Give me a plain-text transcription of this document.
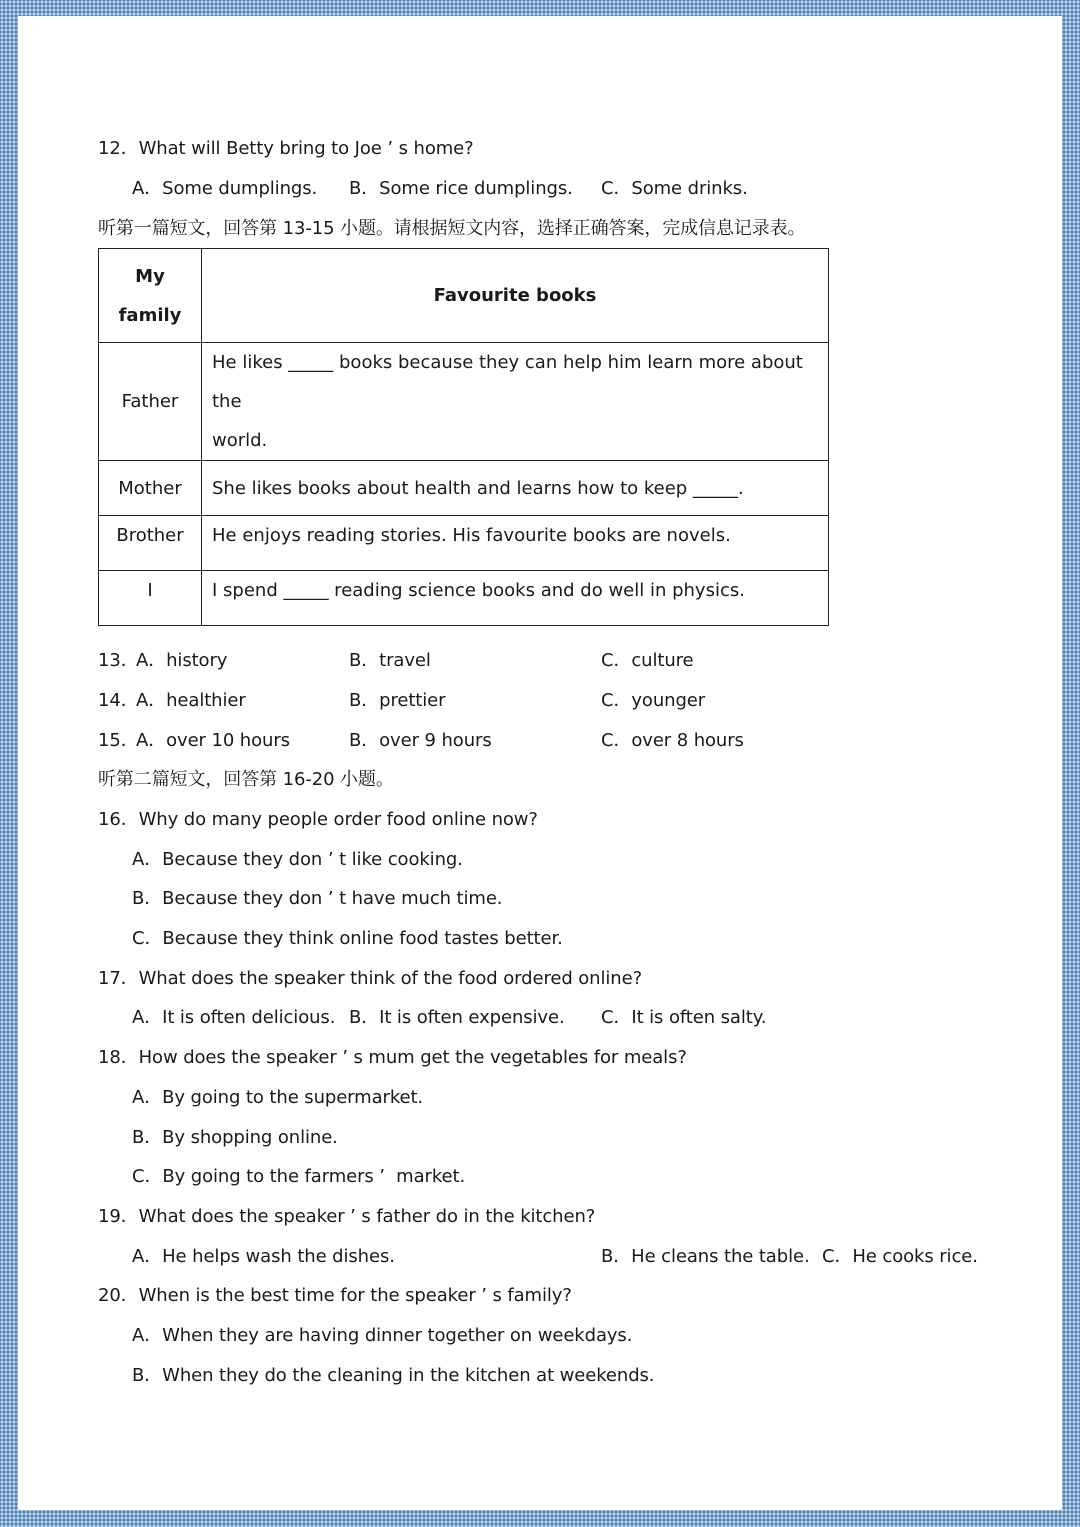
12．What will Betty bring to Joe ’ s home?
A．Some dumplings. B．Some rice dumplings. C．Some drinks.
听第一篇短文，回答第 13-15 小题。请根据短文内容，选择正确答案，完成信息记录表。
My
family	Favourite books
Father	He likes _____ books because they can help him learn more about the
world.

Mother	She likes books about health and learns how to keep _____.
Brother	He enjoys reading stories. His favourite books are novels.
I	I spend _____ reading science books and do well in physics.
13．
A．history	B．travel	C．culture
14．
A．healthier	B．prettier	C．younger
15．
A．over 10 hours	B．over 9 hours	C．over 8 hours
听第二篇短文，回答第 16-20 小题。
16．Why do many people order food online now?
A．Because they don ’ t like cooking.
B．Because they don ’ t have much time.
C．Because they think online food tastes better.
17．What does the speaker think of the food ordered online?
A．It is often delicious. B．It is often expensive. C．It is often salty.
18．How does the speaker ’ s mum get the vegetables for meals?
A．By going to the supermarket.
B．By shopping online.
C．By going to the farmers ’  market.
19．What does the speaker ’ s father do in the kitchen?
A．He helps wash the dishes.	B．He cleans the table. C．He cooks rice.
20．When is the best time for the speaker ’ s family?
A．When they are having dinner together on weekdays.
B．When they do the cleaning in the kitchen at weekends.
